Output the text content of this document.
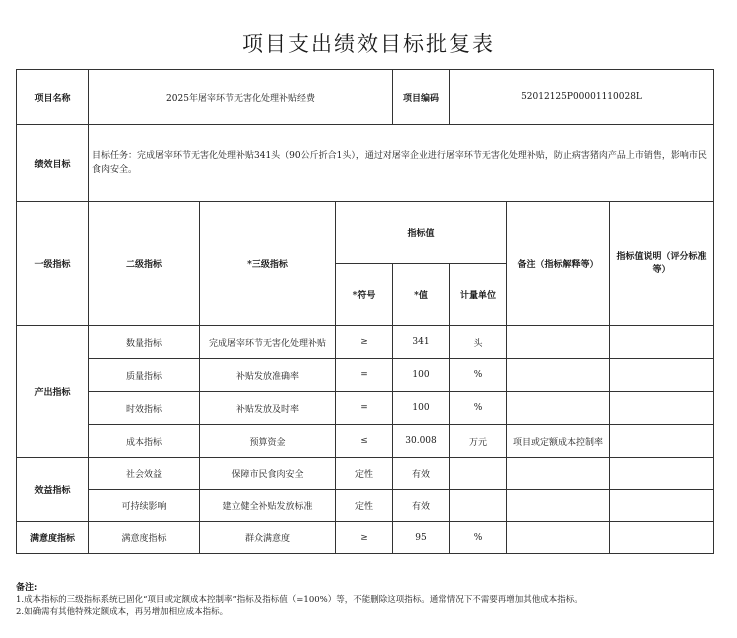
项目支出绩效目标批复表
项目名称	2025年屠宰环节无害化处理补贴经费			项目编码	52012125P00001110028L		
绩效目标	目标任务：完成屠宰环节无害化处理补贴341头（90公斤折合1头），通过对屠宰企业进行屠宰环节无害化处理补贴，防止病害猪肉产品上市销售，影响市民食肉安全。						
一级指标	二级指标	*三级指标	指标值			备注（指标解释等）	指标值说明（评分标准等）
			*符号	*值	计量单位		
产出指标	数量指标	完成屠宰环节无害化处理补贴	≥	341	头		
	质量指标	补贴发放准确率	=	100	%		
	时效指标	补贴发放及时率	=	100	%		
	成本指标	预算资金	≤	30.008	万元	项目或定额成本控制率	
效益指标	社会效益	保障市民食肉安全	定性	有效			
	可持续影响	建立健全补贴发放标准	定性	有效			
满意度指标	满意度指标	群众满意度	≥	95	%		
备注:
1.成本指标的三级指标系统已固化“项目或定额成本控制率”指标及指标值（=100%）等，不能删除这项指标。通常情况下不需要再增加其他成本指标。
2.如确需有其他特殊定额成本，再另增加相应成本指标。
